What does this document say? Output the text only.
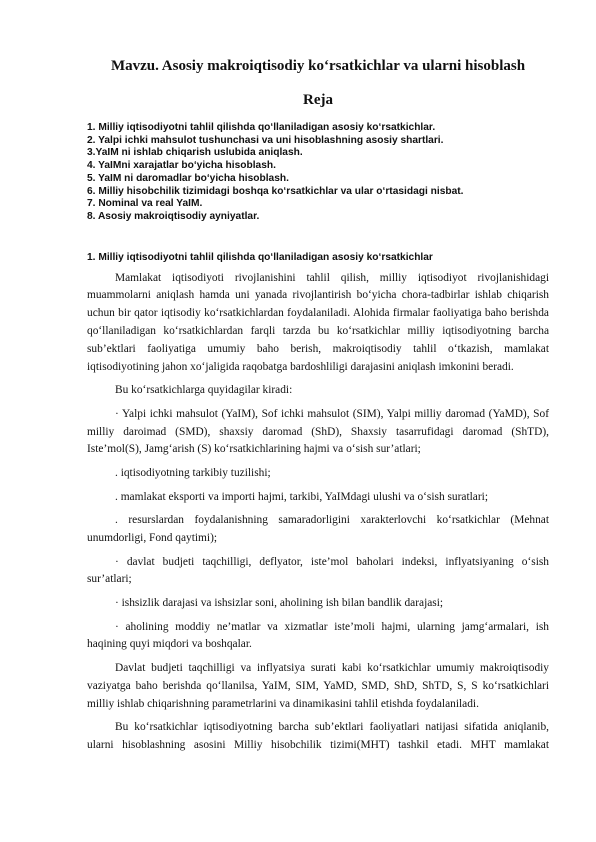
Mavzu. Asosiy makroiqtisodiy ko‘rsatkichlar va ularni hisoblash
Reja
1. Milliy iqtisodiyotni tahlil qilishda qo‘llaniladigan asosiy ko‘rsatkichlar.
2. Yalpi ichki mahsulot tushunchasi va uni hisoblashning asosiy shartlari.
3.YaIM ni ishlab chiqarish uslubida aniqlash.
4. YaIMni xarajatlar bo‘yicha hisoblash.
5. YaIM ni daromadlar bo‘yicha hisoblash.
6. Milliy hisobchilik tizimidagi boshqa ko‘rsatkichlar va ular o‘rtasidagi nisbat.
7. Nominal va real YaIM.
8. Asosiy makroiqtisodiy ayniyatlar.
1. Milliy iqtisodiyotni tahlil qilishda qo‘llaniladigan asosiy ko‘rsatkichlar

Mamlakat iqtisodiyoti rivojlanishini tahlil qilish, milliy iqtisodiyot rivojlanishidagi muammolarni aniqlash hamda uni yanada rivojlantirish bo‘yicha chora-tadbirlar ishlab chiqarish uchun bir qator iqtisodiy ko‘rsatkichlardan foydalaniladi. Alohida firmalar faoliyatiga baho berishda qo‘llaniladigan ko‘rsatkichlardan farqli tarzda bu ko‘rsatkichlar milliy iqtisodiyotning barcha sub’ektlari faoliyatiga umumiy baho berish, makroiqtisodiy tahlil o‘tkazish, mamlakat iqtisodiyotining jahon xo‘jaligida raqobatga bardoshliligi darajasini aniqlash imkonini beradi.

Bu ko‘rsatkichlarga quyidagilar kiradi:

· Yalpi ichki mahsulot (YaIM), Sof ichki mahsulot (SIM), Yalpi milliy daromad (YaMD), Sof milliy daroimad (SMD), shaxsiy daromad (ShD), Shaxsiy tasarrufidagi daromad (ShTD), Iste’mol(S), Jamg‘arish (S) ko‘rsatkichlarining hajmi va o‘sish sur’atlari;

. iqtisodiyotning tarkibiy tuzilishi;

. mamlakat eksporti va importi hajmi, tarkibi, YaIMdagi ulushi va o‘sish suratlari;

. resurslardan foydalanishning samaradorligini xarakterlovchi ko‘rsatkichlar (Mehnat unumdorligi, Fond qaytimi);

· davlat budjeti taqchilligi, deflyator, iste’mol baholari indeksi, inflyatsiyaning o‘sish sur’atlari;

· ishsizlik darajasi va ishsizlar soni, aholining ish bilan bandlik darajasi;

· aholining moddiy ne’matlar va xizmatlar iste’moli hajmi, ularning jamg‘armalari, ish haqining quyi miqdori va boshqalar.

Davlat budjeti taqchilligi va inflyatsiya surati kabi ko‘rsatkichlar umumiy makroiqtisodiy vaziyatga baho berishda qo‘llanilsa, YaIM, SIM, YaMD, SMD, ShD, ShTD, S, S ko‘rsatkichlari milliy ishlab chiqarishning parametrlarini va dinamikasini tahlil etishda foydalaniladi.

Bu ko‘rsatkichlar iqtisodiyotning barcha sub’ektlari faoliyatlari natijasi sifatida aniqlanib, ularni hisoblashning asosini Milliy hisobchilik tizimi(MHT) tashkil etadi. MHT mamlakat
